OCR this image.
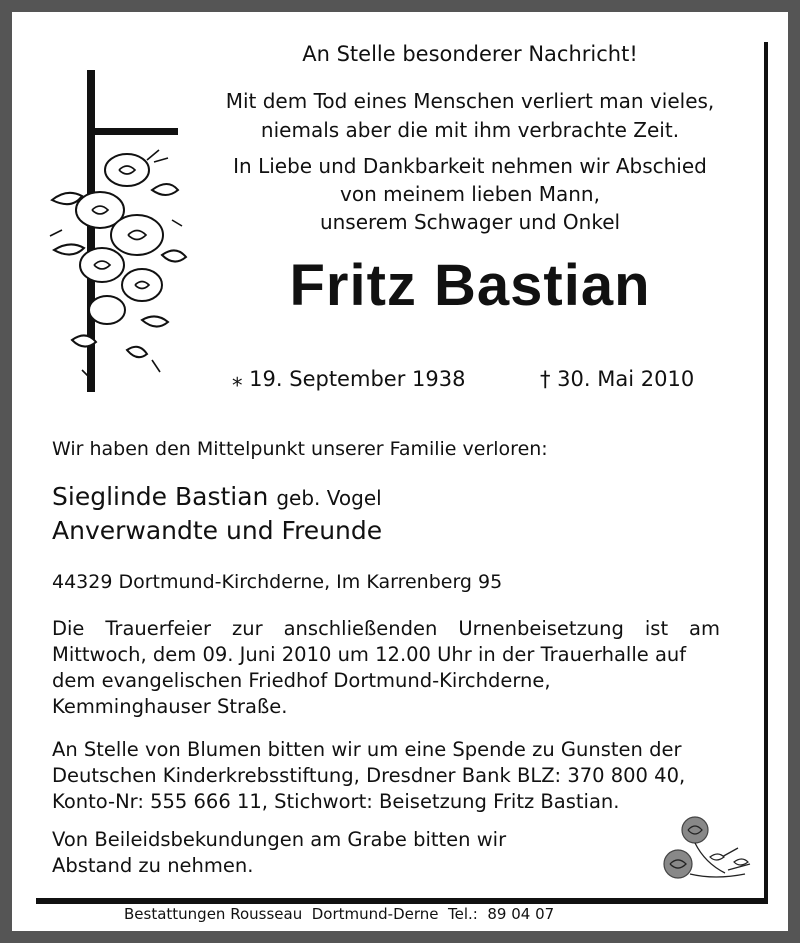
An Stelle besonderer Nachricht!
Mit dem Tod eines Menschen verliert man vieles,
niemals aber die mit ihm verbrachte Zeit.
In Liebe und Dankbarkeit nehmen wir Abschied
von meinem lieben Mann,
unserem Schwager und Onkel
Fritz Bastian
⁎ 19. September 1938	† 30. Mai 2010
Wir haben den Mittelpunkt unserer Familie verloren:
Sieglinde Bastian geb. Vogel
Anverwandte und Freunde
44329 Dortmund-Kirchderne, Im Karrenberg 95
Die Trauerfeier zur anschließenden Urnenbeisetzung ist am
Mittwoch, dem 09. Juni 2010 um 12.00 Uhr in der Trauerhalle auf
dem evangelischen Friedhof Dortmund-Kirchderne,
Kemminghauser Straße.
An Stelle von Blumen bitten wir um eine Spende zu Gunsten der
Deutschen Kinderkrebsstiftung, Dresdner Bank BLZ: 370 800 40,
Konto-Nr: 555 666 11, Stichwort: Beisetzung Fritz Bastian.
Von Beileidsbekundungen am Grabe bitten wir
Abstand zu nehmen.
Bestattungen Rousseau  Dortmund-Derne  Tel.:  89 04 07
